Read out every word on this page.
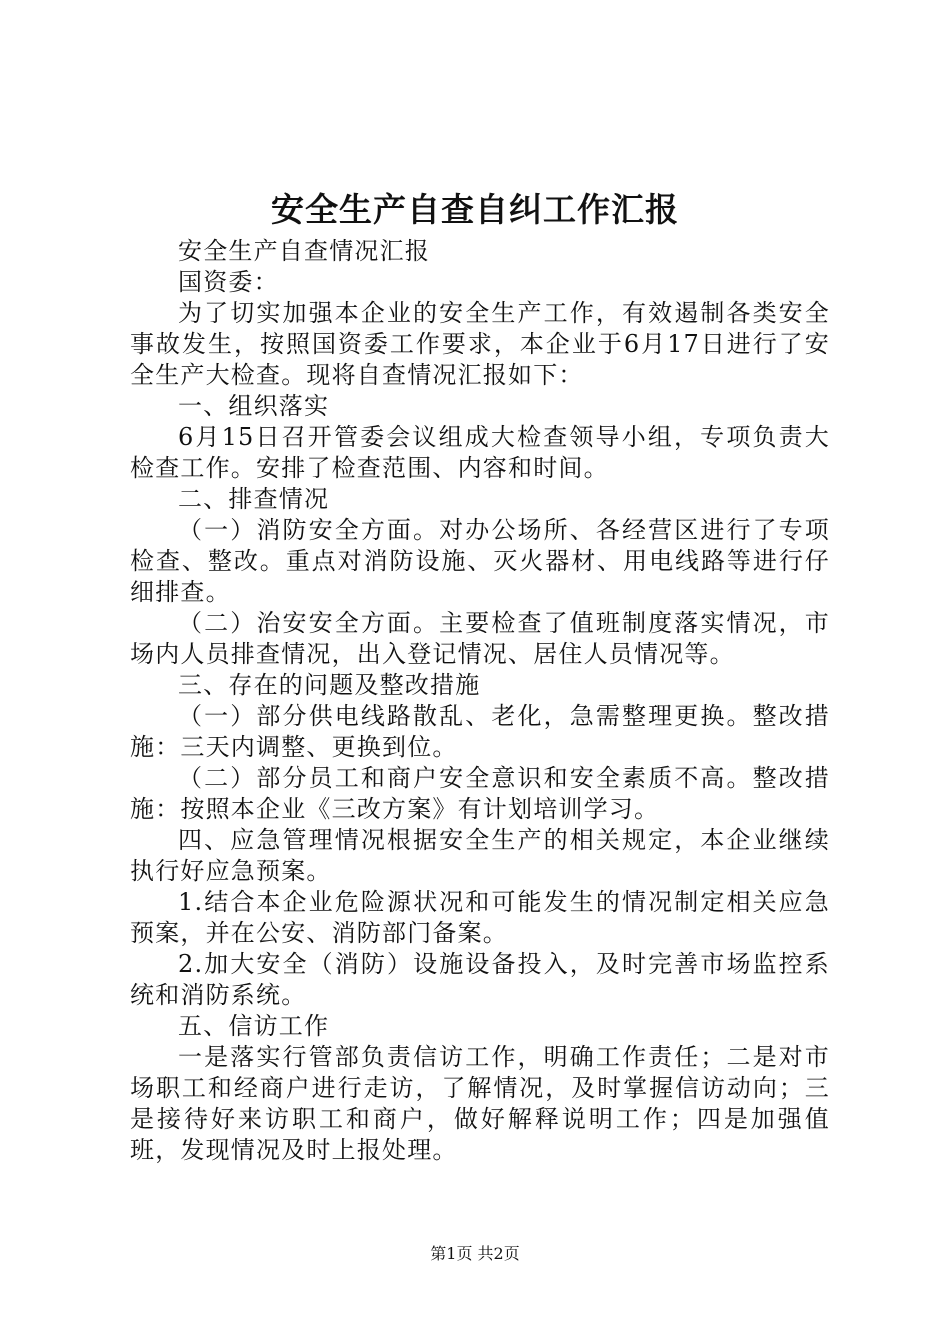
安全生产自查自纠工作汇报

安全生产自查情况汇报

国资委：

为了切实加强本企业的安全生产工作，有效遏制各类安全事故发生，按照国资委工作要求，本企业于6月17日进行了安全生产大检查。现将自查情况汇报如下：

一、组织落实

6月15日召开管委会议组成大检查领导小组，专项负责大检查工作。安排了检查范围、内容和时间。

二、排查情况

（一）消防安全方面。对办公场所、各经营区进行了专项检查、整改。重点对消防设施、灭火器材、用电线路等进行仔细排查。

（二）治安安全方面。主要检查了值班制度落实情况，市场内人员排查情况，出入登记情况、居住人员情况等。

三、存在的问题及整改措施

（一）部分供电线路散乱、老化，急需整理更换。整改措施：三天内调整、更换到位。

（二）部分员工和商户安全意识和安全素质不高。整改措施：按照本企业《三改方案》有计划培训学习。

四、应急管理情况根据安全生产的相关规定，本企业继续执行好应急预案。

1.结合本企业危险源状况和可能发生的情况制定相关应急预案，并在公安、消防部门备案。

2.加大安全（消防）设施设备投入，及时完善市场监控系统和消防系统。

五、信访工作

一是落实行管部负责信访工作，明确工作责任；二是对市场职工和经商户进行走访，了解情况，及时掌握信访动向；三是接待好来访职工和商户，做好解释说明工作；四是加强值班，发现情况及时上报处理。

第1页 共2页
